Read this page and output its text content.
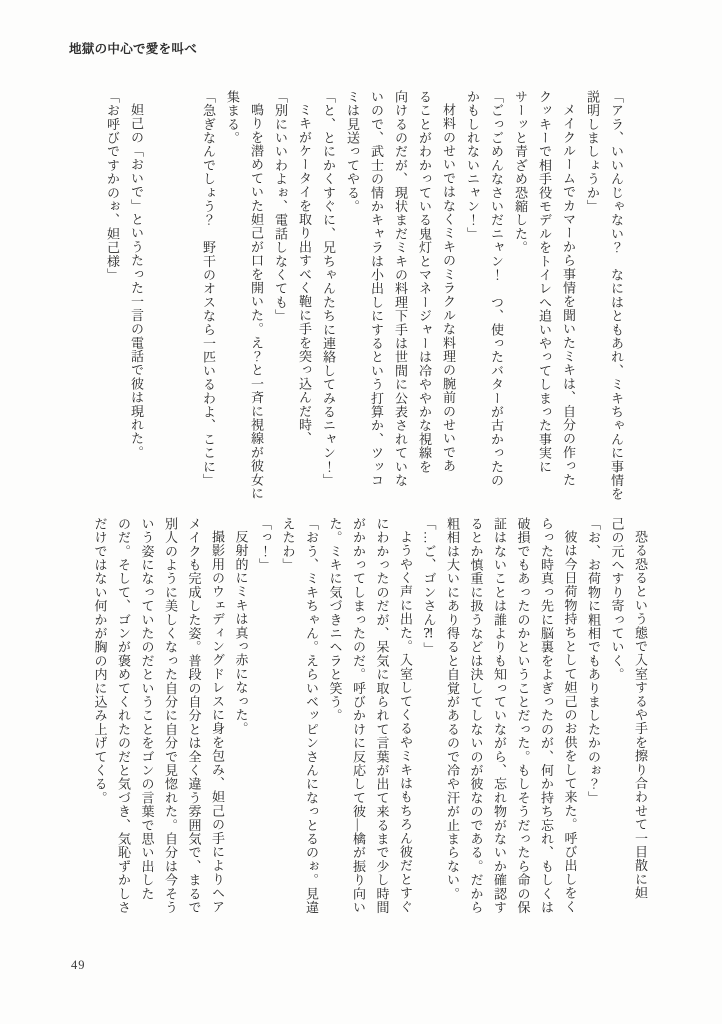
地獄の中心で愛を叫べ

「アラ、いいんじゃない？　なにはともあれ、ミキちゃんに事情を

説明しましょうか」

メイクルームでカマーから事情を聞いたミキは、自分の作った

クッキーで相手役モデルをトイレへ追いやってしまった事実に

サーッと青ざめ恐縮した。

「ごっごめんなさいだニャン！　つ、使ったバターが古かったの

かもしれないニャン！」

材料のせいではなくミキのミラクルな料理の腕前のせいであ

ることがわかっている鬼灯とマネージャーは冷ややかな視線を

向けるのだが、現状まだミキの料理下手は世間に公表されていな

いので、武士の情かキャラは小出しにするという打算か、ツッコ

ミは見送ってやる。

「と、とにかくすぐに、兄ちゃんたちに連絡してみるニャン！」

ミキがケータイを取り出すべく鞄に手を突っ込んだ時、

「別にいいわよぉ、電話しなくても」

鳴りを潜めていた妲己が口を開いた。え？と一斉に視線が彼女に

集まる。

「急ぎなんでしょう？　野干のオスなら一匹いるわよ、ここに」

妲己の「おいで」というたった一言の電話で彼は現れた。

「お呼びですかのぉ、妲己様」

恐る恐るという態で入室するや手を擦り合わせて一目散に妲

己の元へすり寄っていく。

「お、お荷物に粗相でもありましたかのぉ？」

彼は今日荷物持ちとして妲己のお供をして来た。呼び出しをく

らった時真っ先に脳裏をよぎったのが、何か持ち忘れ、もしくは

破損でもあったのかということだった。もしそうだったら命の保

証はないことは誰よりも知っていながら、忘れ物がないか確認す

るとか慎重に扱うなどは決してしないのが彼なのである。だから

粗相は大いにあり得ると自覚があるので冷や汗が止まらない。

「…ご、ゴンさん⁈」

ようやく声に出た。入室してくるやミキはもちろん彼だとすぐ

にわかったのだが、呆気に取られて言葉が出て来るまで少し時間

がかかってしまったのだ。呼びかけに反応して彼―檎が振り向い

た。ミキに気づきニヘラと笑う。

「おう、ミキちゃん。えらいベッピンさんになっとるのぉ。見違

えたわ」

「っ！」

反射的にミキは真っ赤になった。

撮影用のウェディングドレスに身を包み、妲己の手によりヘア

メイクも完成した姿。普段の自分とは全く違う雰囲気で、まるで

別人のように美しくなった自分に自分で見惚れた。自分は今そう

いう姿になっていたのだということをゴンの言葉で思い出した

のだ。そして、ゴンが褒めてくれたのだと気づき、気恥ずかしさ

だけではない何かが胸の内に込み上げてくる。

49
